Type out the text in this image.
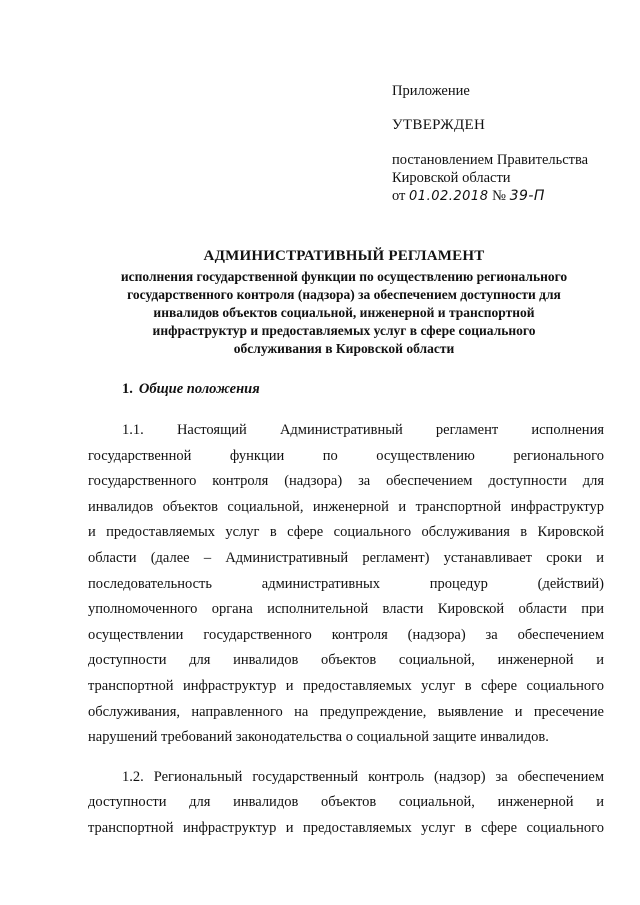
Приложение

УТВЕРЖДЕН

постановлением Правительства

Кировской области

от 01.02.2018 № 39-П

АДМИНИСТРАТИВНЫЙ РЕГЛАМЕНТ

исполнения государственной функции по осуществлению регионального

государственного контроля (надзора) за обеспечением доступности для

инвалидов объектов социальной, инженерной и транспортной

инфраструктур и предоставляемых услуг в сфере социального

обслуживания в Кировской области

1. Общие положения
1.1. Настоящий Административный регламент исполнения
государственной функции по осуществлению регионального
государственного контроля (надзора) за обеспечением доступности для
инвалидов объектов социальной, инженерной и транспортной инфраструктур
и предоставляемых услуг в сфере социального обслуживания в Кировской
области (далее – Административный регламент) устанавливает сроки и
последовательность административных процедур (действий)
уполномоченного органа исполнительной власти Кировской области при
осуществлении государственного контроля (надзора) за обеспечением
доступности для инвалидов объектов социальной, инженерной и
транспортной инфраструктур и предоставляемых услуг в сфере социального
обслуживания, направленного на предупреждение, выявление и пресечение
нарушений требований законодательства о социальной защите инвалидов.
1.2. Региональный государственный контроль (надзор) за обеспечением
доступности для инвалидов объектов социальной, инженерной и
транспортной инфраструктур и предоставляемых услуг в сфере социального
